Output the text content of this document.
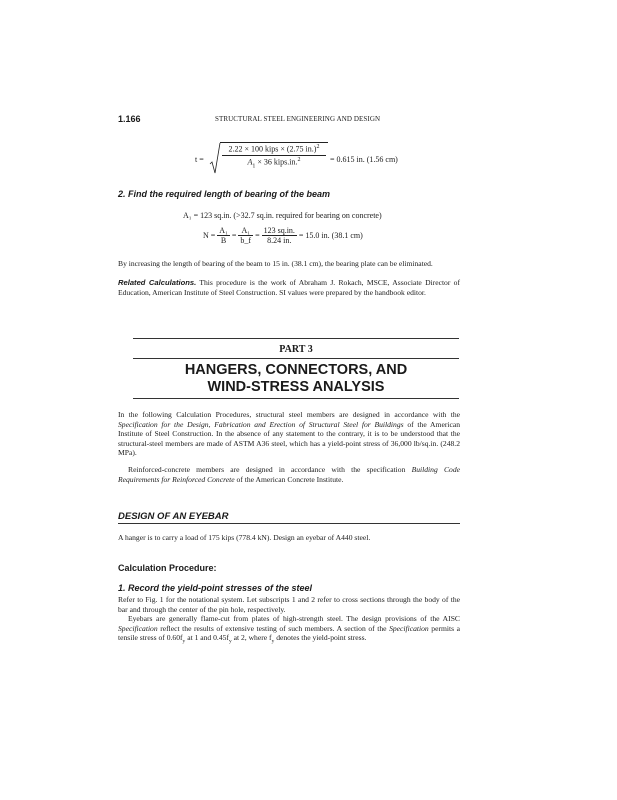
1.166	STRUCTURAL STEEL ENGINEERING AND DESIGN
t =
2.22 × 100 kips × (2.75 in.)$^2$
$A_1 \times 36$ kips.in.$^2$	= 0.615 in. (1.56 cm)
2. Find the required length of bearing of the beam
A₁ = 123 sq.in. (>32.7 sq.in. required for bearing on concrete)
$N = \frac{\text{A₁}}{B} = \frac{\text{A₁}}{b\_f} = \frac{123 sq.in.}{8.24 in.} = 15.0$ in. (38.1 cm)
By increasing the length of bearing of the beam to 15 in. (38.1 cm), the bearing plate can be eliminated.
Related Calculations. This procedure is the work of Abraham J. Rokach, MSCE, Associate Director of Education, American Institute of Steel Construction. SI values were prepared by the handbook editor.
PART 3
HANGERS, CONNECTORS, AND
WIND-STRESS ANALYSIS
In the following Calculation Procedures, structural steel members are designed in accordance with the Specification for the Design, Fabrication and Erection of Structural Steel for Buildings of the American Institute of Steel Construction. In the absence of any statement to the contrary, it is to be understood that the structural-steel members are made of ASTM A36 steel, which has a yield-point stress of 36,000 lb/sq.in. (248.2 MPa).
Reinforced-concrete members are designed in accordance with the specification Building Code Requirements for Reinforced Concrete of the American Concrete Institute.
DESIGN OF AN EYEBAR
A hanger is to carry a load of 175 kips (778.4 kN). Design an eyebar of A440 steel.
Calculation Procedure:
1. Record the yield-point stresses of the steel
Refer to Fig. 1 for the notational system. Let subscripts 1 and 2 refer to cross sections through the body of the bar and through the center of the pin hole, respectively.
Eyebars are generally flame-cut from plates of high-strength steel. The design provisions of the AISC Specification reflect the results of extensive testing of such members. A section of the Specification permits a tensile stress of $0.60f_y$ at 1 and $0.45f_y$ at 2, where $f_y$ denotes the yield-point stress.
